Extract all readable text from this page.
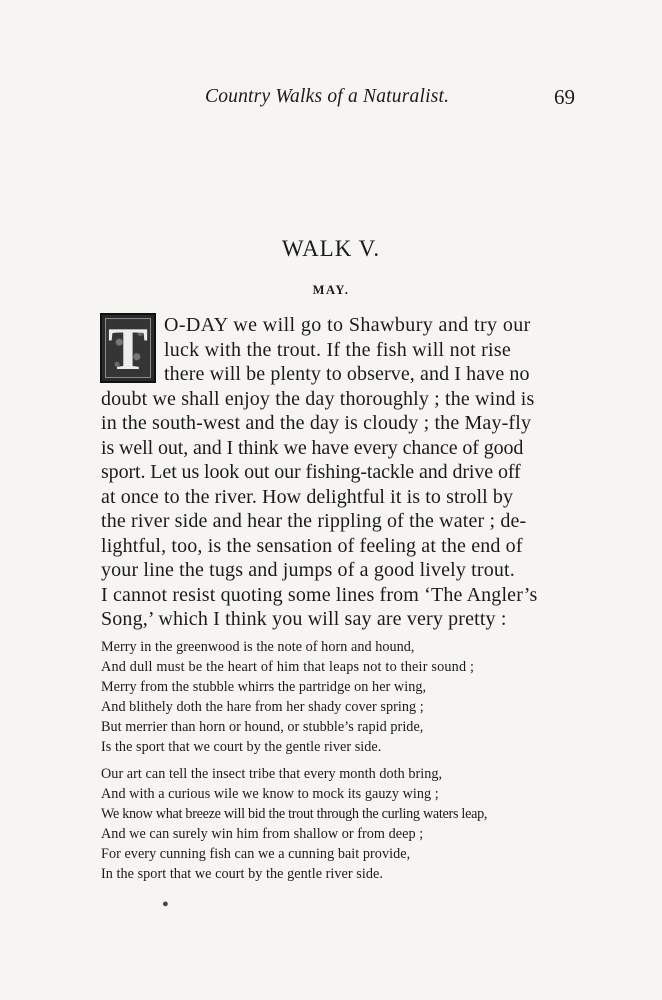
Country Walks of a Naturalist.	69
WALK V.
MAY.
T O-DAY we will go to Shawbury and try our
luck with the trout. If the fish will not rise
there will be plenty to observe, and I have no
doubt we shall enjoy the day thoroughly ; the wind is
in the south-west and the day is cloudy ; the May-fly
is well out, and I think we have every chance of good
sport. Let us look out our fishing-tackle and drive off
at once to the river. How delightful it is to stroll by
the river side and hear the rippling of the water ; de-
lightful, too, is the sensation of feeling at the end of
your line the tugs and jumps of a good lively trout.
I cannot resist quoting some lines from ‘The Angler’s
Song,’ which I think you will say are very pretty :
Merry in the greenwood is the note of horn and hound,
And dull must be the heart of him that leaps not to their sound ;
Merry from the stubble whirrs the partridge on her wing,
And blithely doth the hare from her shady cover spring ;
But merrier than horn or hound, or stubble’s rapid pride,
Is the sport that we court by the gentle river side.
Our art can tell the insect tribe that every month doth bring,
And with a curious wile we know to mock its gauzy wing ;
We know what breeze will bid the trout through the curling waters leap,
And we can surely win him from shallow or from deep ;
For every cunning fish can we a cunning bait provide,
In the sport that we court by the gentle river side.
●
